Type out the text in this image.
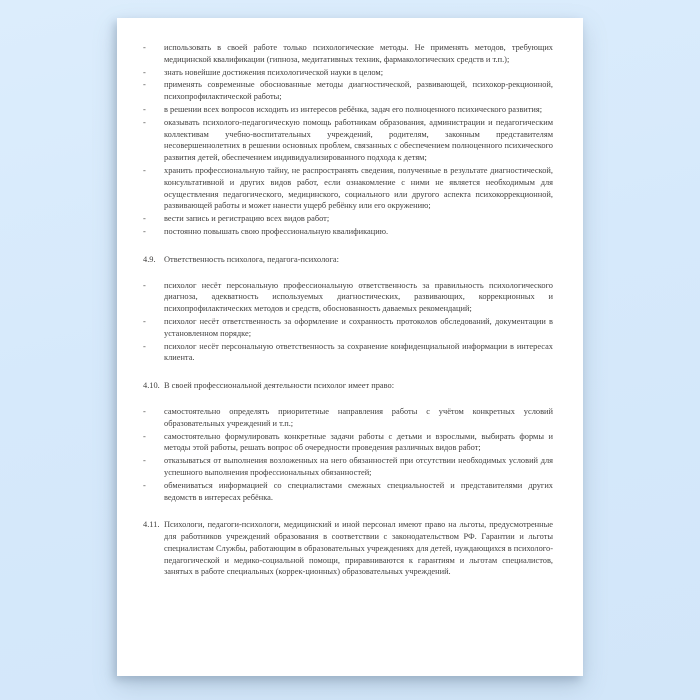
-	использовать в своей работе только психологические методы. Не применять методов, требующих медицинской квалификации (гипноза, медитативных техник, фармакологических средств и т.п.);
-	знать новейшие достижения психологической науки в целом;
-	применять современные обоснованные методы диагностической, развивающей, психокор-рекционной, психопрофилактической работы;
-	в решении всех вопросов исходить из интересов ребёнка, задач его полноценного психического развития;
-	оказывать психолого-педагогическую помощь работникам образования, администрации и педагогическим коллективам учебно-воспитательных учреждений, родителям, законным представителям несовершеннолетних в решении основных проблем, связанных с обеспечением полноценного психического развития детей, обеспечением индивидуализированного подхода к детям;
-	хранить профессиональную тайну, не распространять сведения, полученные в результате диагностической, консультативной и других видов работ, если ознакомление с ними не является необходимым для осуществления педагогического, медицинского, социального или другого аспекта психокоррекционной, развивающей работы и может нанести ущерб ребёнку или его окружению;
-	вести запись и регистрацию всех видов работ;
-	постоянно повышать свою профессиональную квалификацию.
4.9.	Ответственность психолога, педагога-психолога:
-	психолог несёт персональную профессиональную ответственность за правильность психологического диагноза, адекватность используемых диагностических, развивающих, коррекционных и психопрофилактических методов и средств, обоснованность даваемых рекомендаций;
-	психолог несёт ответственность за оформление и сохранность протоколов обследований, документации в установленном порядке;
-	психолог несёт персональную ответственность за сохранение конфиденциальной информации в интересах клиента.
4.10. В своей профессиональной деятельности психолог имеет право:
-	самостоятельно определять приоритетные направления работы с учётом конкретных условий образовательных учреждений и т.п.;
-	самостоятельно формулировать конкретные задачи работы с детьми и взрослыми, выбирать формы и методы этой работы, решать вопрос об очередности проведения различных видов работ;
-	отказываться от выполнения возложенных на него обязанностей при отсутствии необходимых условий для успешного выполнения профессиональных обязанностей;
-	обмениваться информацией со специалистами смежных специальностей и представителями других ведомств в интересах ребёнка.
4.11. Психологи, педагоги-психологи, медицинский и иной персонал имеют право на льготы, предусмотренные для работников учреждений образования в соответствии с законодательством РФ. Гарантии и льготы специалистам Службы, работающим в образовательных учреждениях для детей, нуждающихся в психолого-педагогической и медико-социальной помощи, приравниваются к гарантиям и льготам специалистов, занятых в работе специальных (коррек-ционных) образовательных учреждений.
